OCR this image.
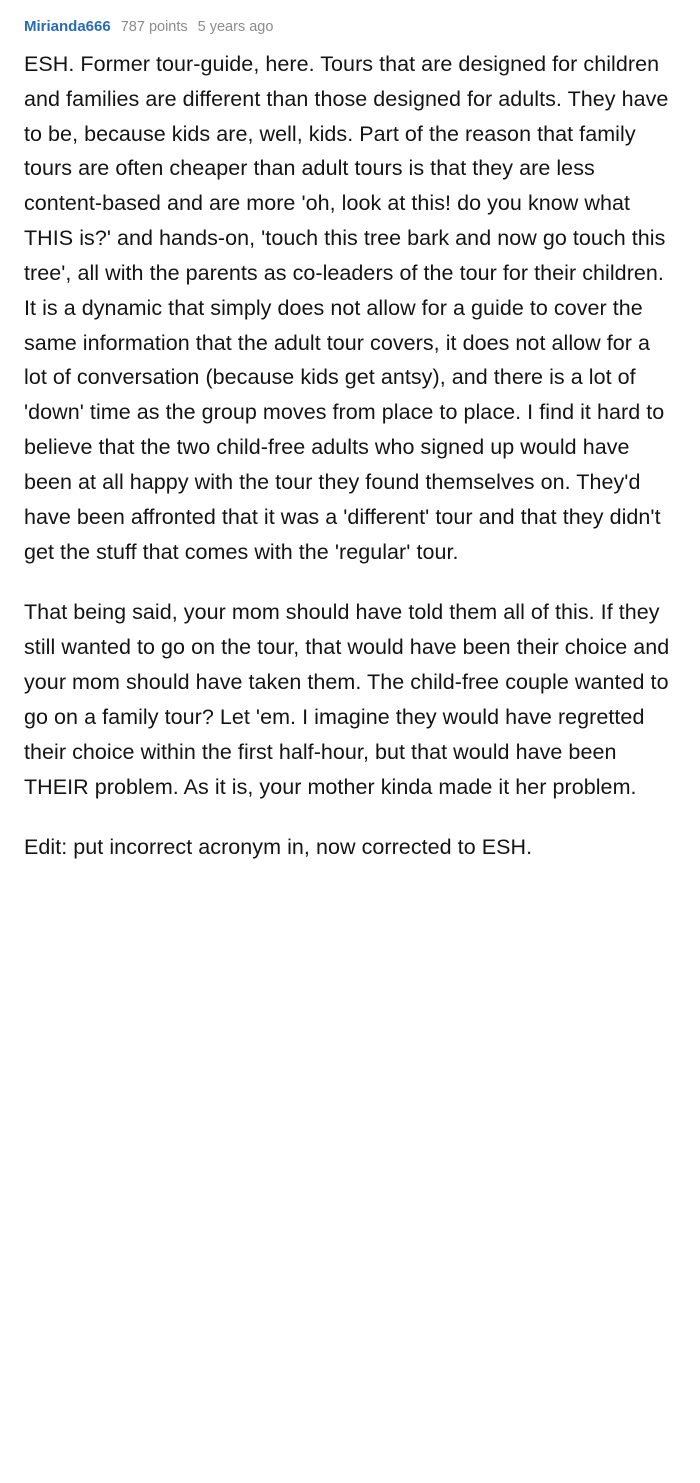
Mirianda666 787 points 5 years ago

ESH. Former tour-guide, here. Tours that are designed for children and families are different than those designed for adults. They have to be, because kids are, well, kids. Part of the reason that family tours are often cheaper than adult tours is that they are less content-based and are more 'oh, look at this! do you know what THIS is?' and hands-on, 'touch this tree bark and now go touch this tree', all with the parents as co-leaders of the tour for their children. It is a dynamic that simply does not allow for a guide to cover the same information that the adult tour covers, it does not allow for a lot of conversation (because kids get antsy), and there is a lot of 'down' time as the group moves from place to place. I find it hard to believe that the two child-free adults who signed up would have been at all happy with the tour they found themselves on. They'd have been affronted that it was a 'different' tour and that they didn't get the stuff that comes with the 'regular' tour.

That being said, your mom should have told them all of this. If they still wanted to go on the tour, that would have been their choice and your mom should have taken them. The child-free couple wanted to go on a family tour? Let 'em. I imagine they would have regretted their choice within the first half-hour, but that would have been THEIR problem. As it is, your mother kinda made it her problem.

Edit: put incorrect acronym in, now corrected to ESH.
